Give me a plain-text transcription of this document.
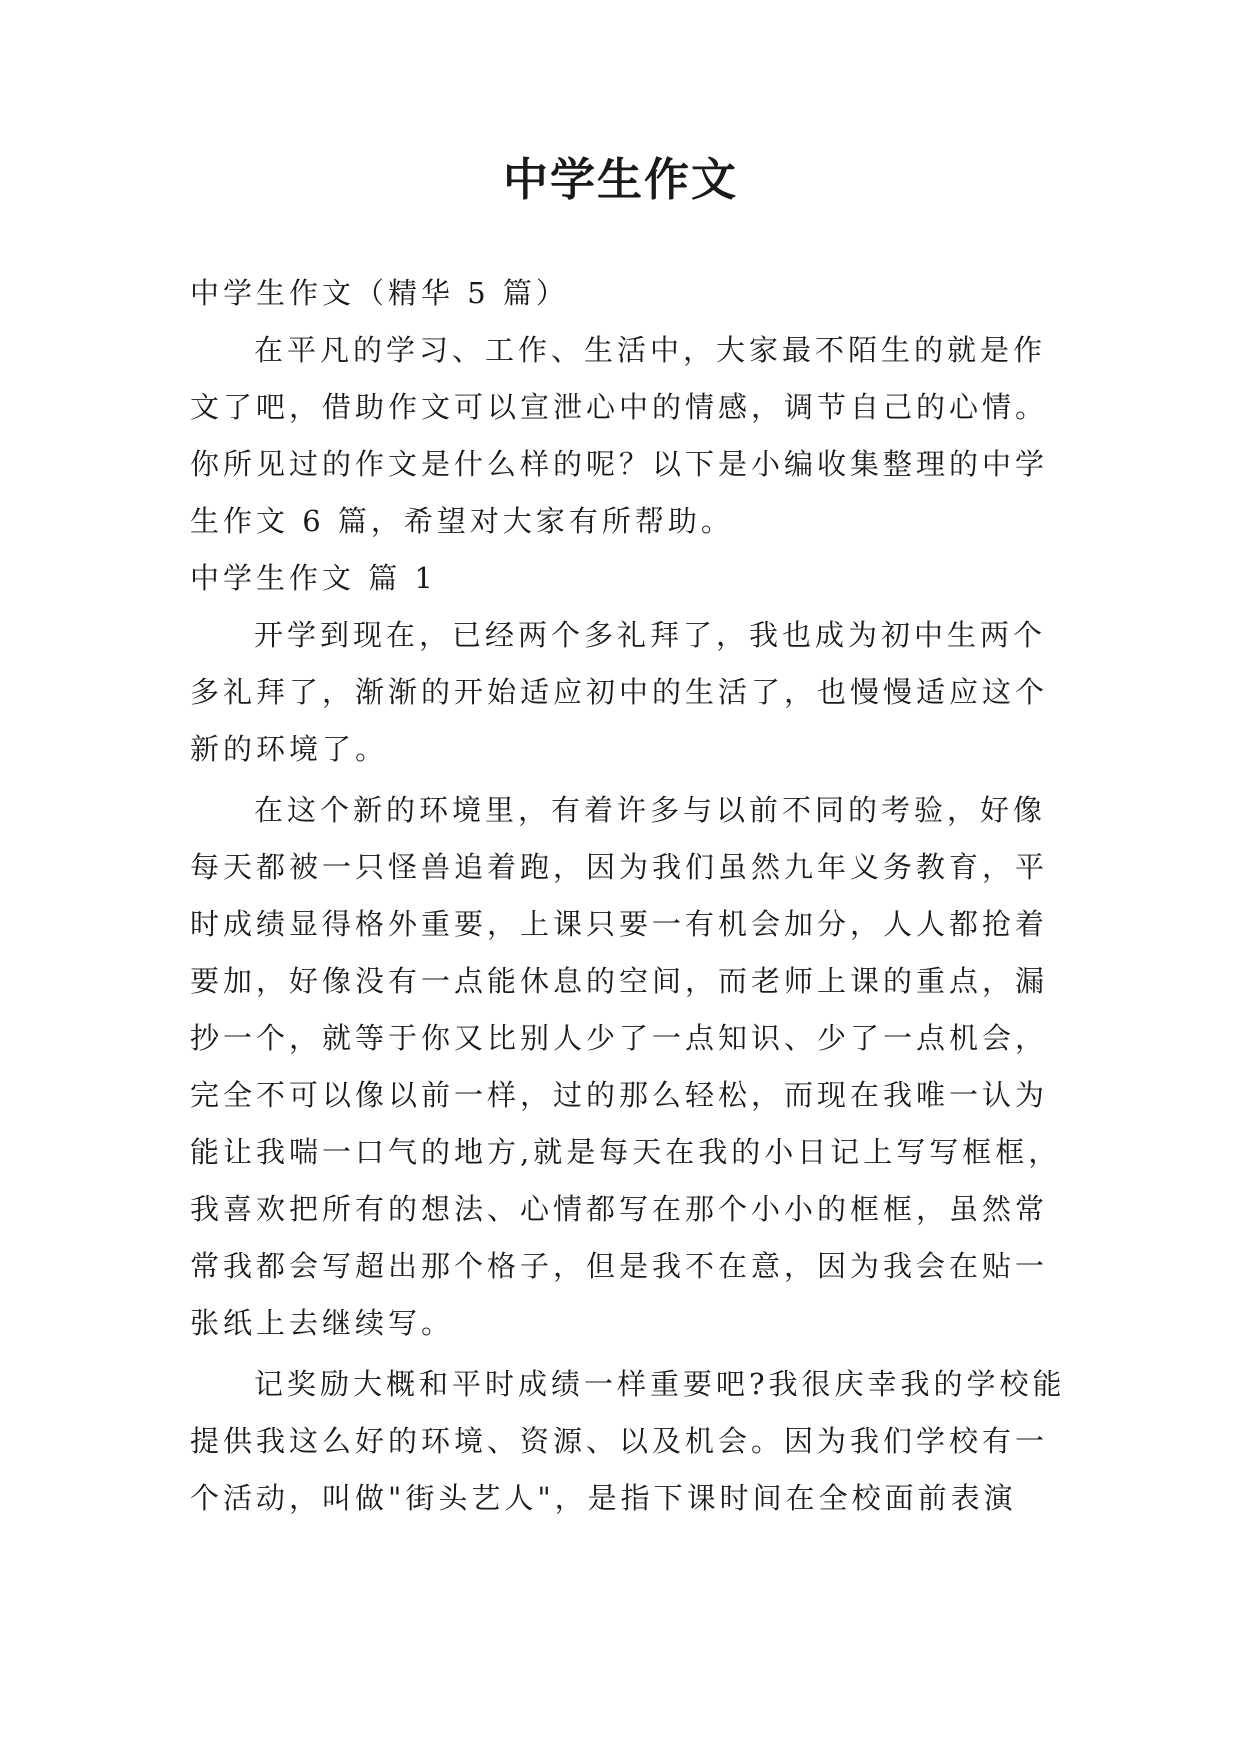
中学生作文

中学生作文（精华 5 篇）

在平凡的学习、工作、生活中，大家最不陌生的就是作文了吧，借助作文可以宣泄心中的情感，调节自己的心情。你所见过的作文是什么样的呢？以下是小编收集整理的中学生作文 6 篇，希望对大家有所帮助。

中学生作文 篇 1

开学到现在，已经两个多礼拜了，我也成为初中生两个多礼拜了，渐渐的开始适应初中的生活了，也慢慢适应这个新的环境了。

在这个新的环境里，有着许多与以前不同的考验，好像每天都被一只怪兽追着跑，因为我们虽然九年义务教育，平时成绩显得格外重要，上课只要一有机会加分，人人都抢着要加，好像没有一点能休息的空间，而老师上课的重点，漏抄一个，就等于你又比别人少了一点知识、少了一点机会，完全不可以像以前一样，过的那么轻松，而现在我唯一认为能让我喘一口气的地方,就是每天在我的小日记上写写框框，我喜欢把所有的想法、心情都写在那个小小的框框，虽然常常我都会写超出那个格子，但是我不在意，因为我会在贴一张纸上去继续写。

记奖励大概和平时成绩一样重要吧?我很庆幸我的学校能提供我这么好的环境、资源、以及机会。因为我们学校有一个活动，叫做"街头艺人"，是指下课时间在全校面前表演
